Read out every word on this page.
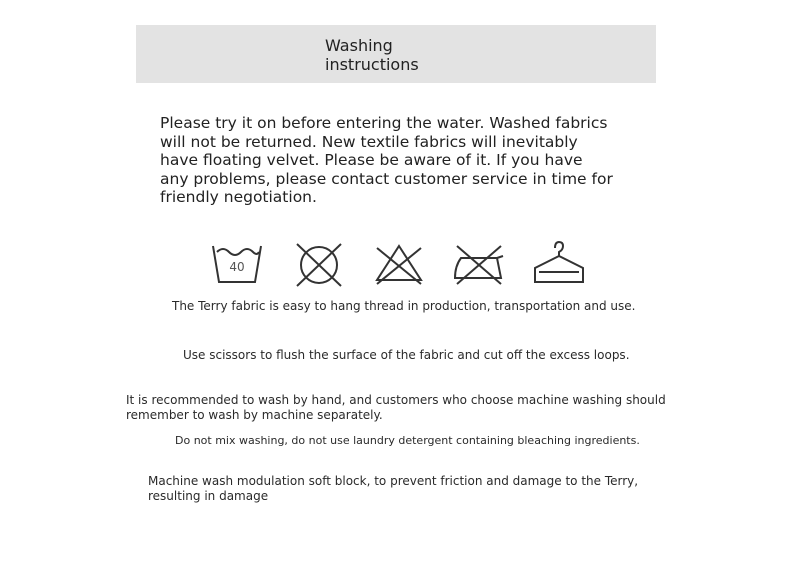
Washing
instructions
Please try it on before entering the water. Washed fabrics
will not be returned. New textile fabrics will inevitably
have floating velvet. Please be aware of it. If you have
any problems, please contact customer service in time for
friendly negotiation.
40
The Terry fabric is easy to hang thread in production, transportation and use.
Use scissors to flush the surface of the fabric and cut off the excess loops.
It is recommended to wash by hand, and customers who choose machine washing should
remember to wash by machine separately.
Do not mix washing, do not use laundry detergent containing bleaching ingredients.
Machine wash modulation soft block, to prevent friction and damage to the Terry,
resulting in damage
